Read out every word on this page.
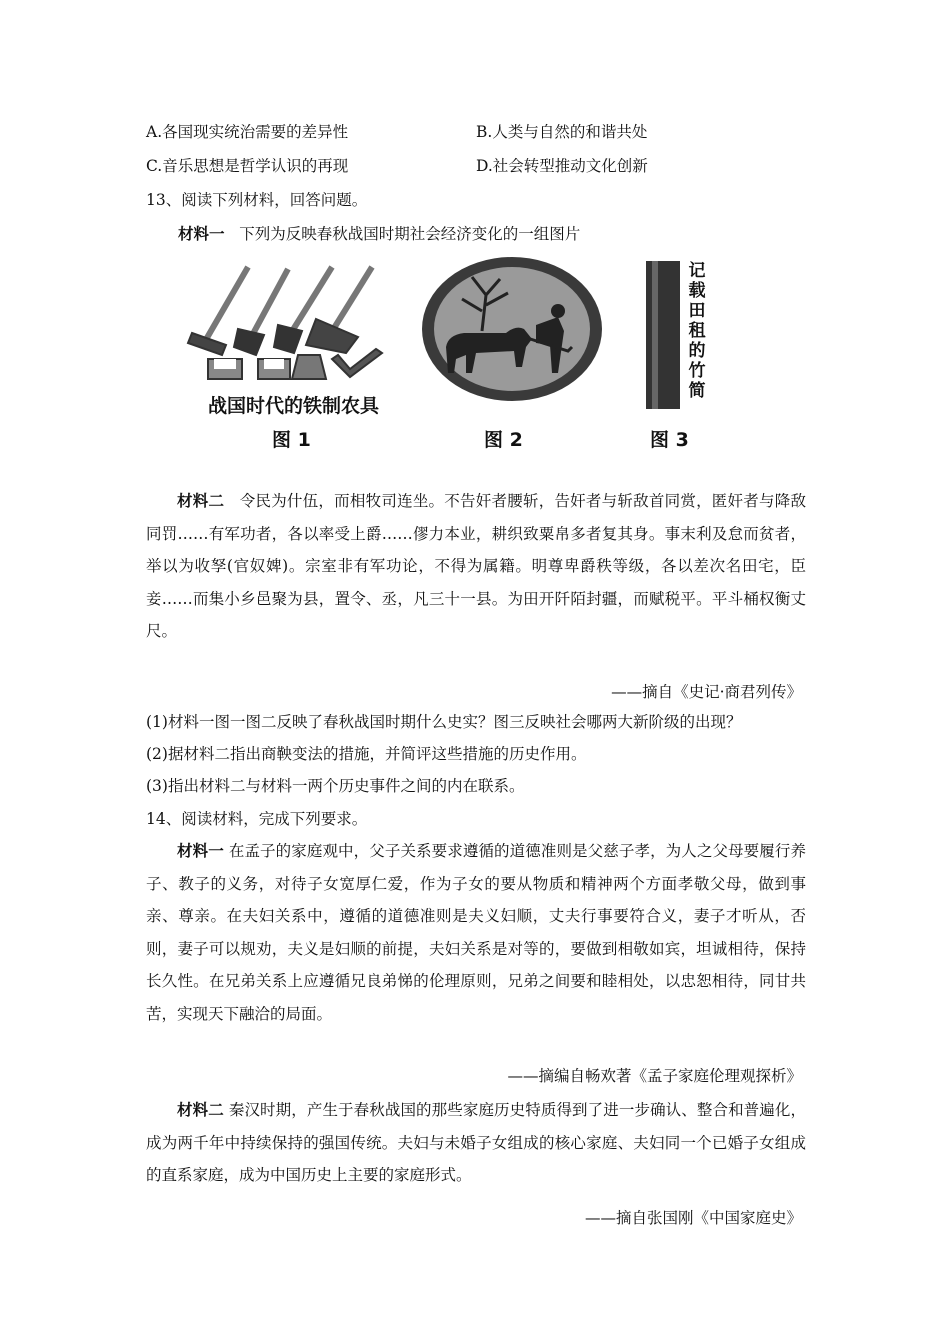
A.各国现实统治需要的差异性	B.人类与自然的和谐共处
C.音乐思想是哲学认识的再现	D.社会转型推动文化创新
13、阅读下列材料，回答问题。
材料一 下列为反映春秋战国时期社会经济变化的一组图片
战国时代的铁制农具
图 1	图 2	图 3
记载田租的竹简
材料二 令民为什伍，而相牧司连坐。不告奸者腰斩，告奸者与斩敌首同赏，匿奸者与降敌同罚……有军功者，各以率受上爵……僇力本业，耕织致粟帛多者复其身。事末利及怠而贫者，举以为收孥(官奴婢)。宗室非有军功论，不得为属籍。明尊卑爵秩等级，各以差次名田宅，臣妾……而集小乡邑聚为县，置令、丞，凡三十一县。为田开阡陌封疆，而赋税平。平斗桶权衡丈尺。
——摘自《史记·商君列传》
(1)材料一图一图二反映了春秋战国时期什么史实？图三反映社会哪两大新阶级的出现？
(2)据材料二指出商鞅变法的措施，并简评这些措施的历史作用。
(3)指出材料二与材料一两个历史事件之间的内在联系。
14、阅读材料，完成下列要求。
材料一 在孟子的家庭观中，父子关系要求遵循的道德准则是父慈子孝，为人之父母要履行养子、教子的义务，对待子女宽厚仁爱，作为子女的要从物质和精神两个方面孝敬父母，做到事亲、尊亲。在夫妇关系中，遵循的道德准则是夫义妇顺，丈夫行事要符合义，妻子才听从，否则，妻子可以规劝，夫义是妇顺的前提，夫妇关系是对等的，要做到相敬如宾，坦诚相待，保持长久性。在兄弟关系上应遵循兄良弟悌的伦理原则，兄弟之间要和睦相处，以忠恕相待，同甘共苦，实现天下融洽的局面。
——摘编自畅欢著《孟子家庭伦理观探析》
材料二 秦汉时期，产生于春秋战国的那些家庭历史特质得到了进一步确认、整合和普遍化，成为两千年中持续保持的强国传统。夫妇与未婚子女组成的核心家庭、夫妇同一个已婚子女组成的直系家庭，成为中国历史上主要的家庭形式。
——摘自张国刚《中国家庭史》
